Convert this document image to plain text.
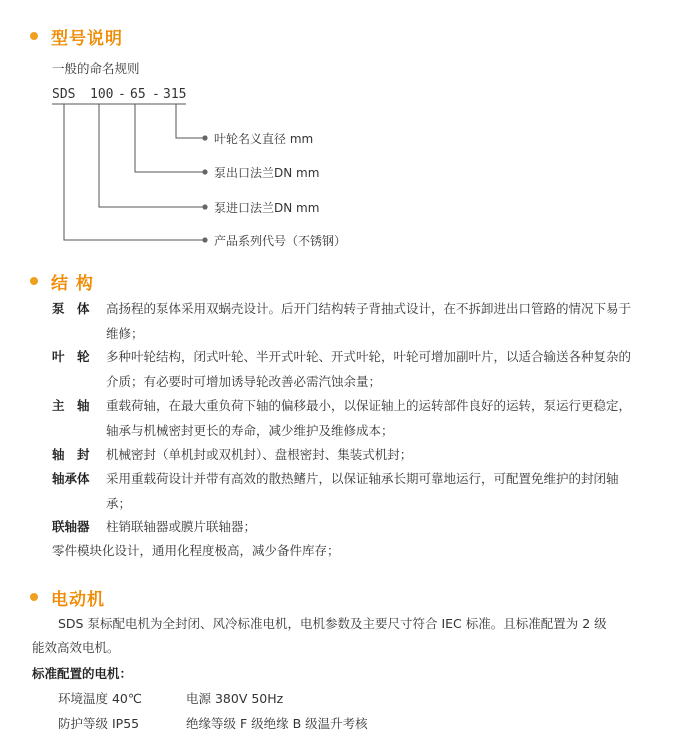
型号说明
一般的命名规则
SDS 100 - 65 - 315
叶轮名义直径 mm
泵出口法兰DN mm
泵进口法兰DN mm
产品系列代号（不锈钢）
结 构
泵　体 高扬程的泵体采用双蜗壳设计。后开门结构转子背抽式设计，在不拆卸进出口管路的情况下易于维修；
叶　轮 多种叶轮结构，闭式叶轮、半开式叶轮、开式叶轮，叶轮可增加副叶片，以适合输送各种复杂的介质；有必要时可增加诱导轮改善必需汽蚀余量；
主　轴 重载荷轴，在最大重负荷下轴的偏移最小，以保证轴上的运转部件良好的运转，泵运行更稳定，轴承与机械密封更长的寿命，减少维护及维修成本；
轴　封 机械密封（单机封或双机封）、盘根密封、集装式机封；
轴承体 采用重载荷设计并带有高效的散热鳍片，以保证轴承长期可靠地运行，可配置免维护的封闭轴承；
联轴器 柱销联轴器或膜片联轴器；
零件模块化设计，通用化程度极高，减少备件库存；
电动机
SDS 泵标配电机为全封闭、风冷标准电机，电机参数及主要尺寸符合 IEC 标准。且标准配置为 2 级
能效高效电机。
标准配置的电机：
环境温度 40℃	电源 380V 50Hz
防护等级 IP55	绝缘等级 F 级绝缘 B 级温升考核
